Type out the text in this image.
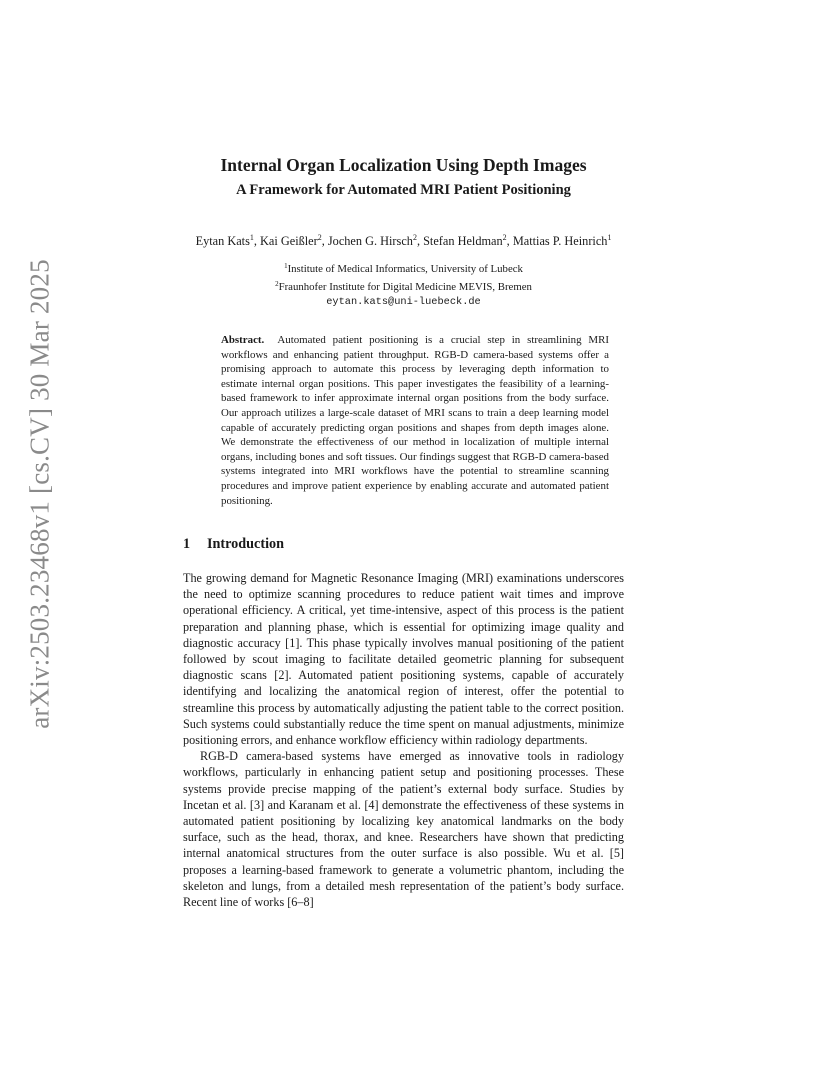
arXiv:2503.23468v1 [cs.CV] 30 Mar 2025
Internal Organ Localization Using Depth Images
A Framework for Automated MRI Patient Positioning
Eytan Kats$^1$, Kai Geißler$^2$, Jochen G. Hirsch$^2$, Stefan Heldman$^2$, Mattias P. Heinrich$^1$
$^1$Institute of Medical Informatics, University of Lubeck
$^2$Fraunhofer Institute for Digital Medicine MEVIS, Bremen
eytan.kats@uni-luebeck.de

Abstract. Automated patient positioning is a crucial step in streamlining MRI workflows and enhancing patient throughput. RGB-D camera-based systems offer a promising approach to automate this process by leveraging depth information to estimate internal organ positions. This paper investigates the feasibility of a learning-based framework to infer approximate internal organ positions from the body surface. Our approach utilizes a large-scale dataset of MRI scans to train a deep learning model capable of accurately predicting organ positions and shapes from depth images alone. We demonstrate the effectiveness of our method in localization of multiple internal organs, including bones and soft tissues. Our findings suggest that RGB-D camera-based systems integrated into MRI workflows have the potential to streamline scanning procedures and improve patient experience by enabling accurate and automated patient positioning.

1 Introduction

The growing demand for Magnetic Resonance Imaging (MRI) examinations underscores the need to optimize scanning procedures to reduce patient wait times and improve operational efficiency. A critical, yet time-intensive, aspect of this process is the patient preparation and planning phase, which is essential for optimizing image quality and diagnostic accuracy [1]. This phase typically involves manual positioning of the patient followed by scout imaging to facilitate detailed geometric planning for subsequent diagnostic scans [2]. Automated patient positioning systems, capable of accurately identifying and localizing the anatomical region of interest, offer the potential to streamline this process by automatically adjusting the patient table to the correct position. Such systems could substantially reduce the time spent on manual adjustments, minimize positioning errors, and enhance workflow efficiency within radiology departments.

RGB-D camera-based systems have emerged as innovative tools in radiology workflows, particularly in enhancing patient setup and positioning processes. These systems provide precise mapping of the patient’s external body surface. Studies by Incetan et al. [3] and Karanam et al. [4] demonstrate the effectiveness of these systems in automated patient positioning by localizing key anatomical landmarks on the body surface, such as the head, thorax, and knee. Researchers have shown that predicting internal anatomical structures from the outer surface is also possible. Wu et al. [5] proposes a learning-based framework to generate a volumetric phantom, including the skeleton and lungs, from a detailed mesh representation of the patient’s body surface. Recent line of works [6–8]
